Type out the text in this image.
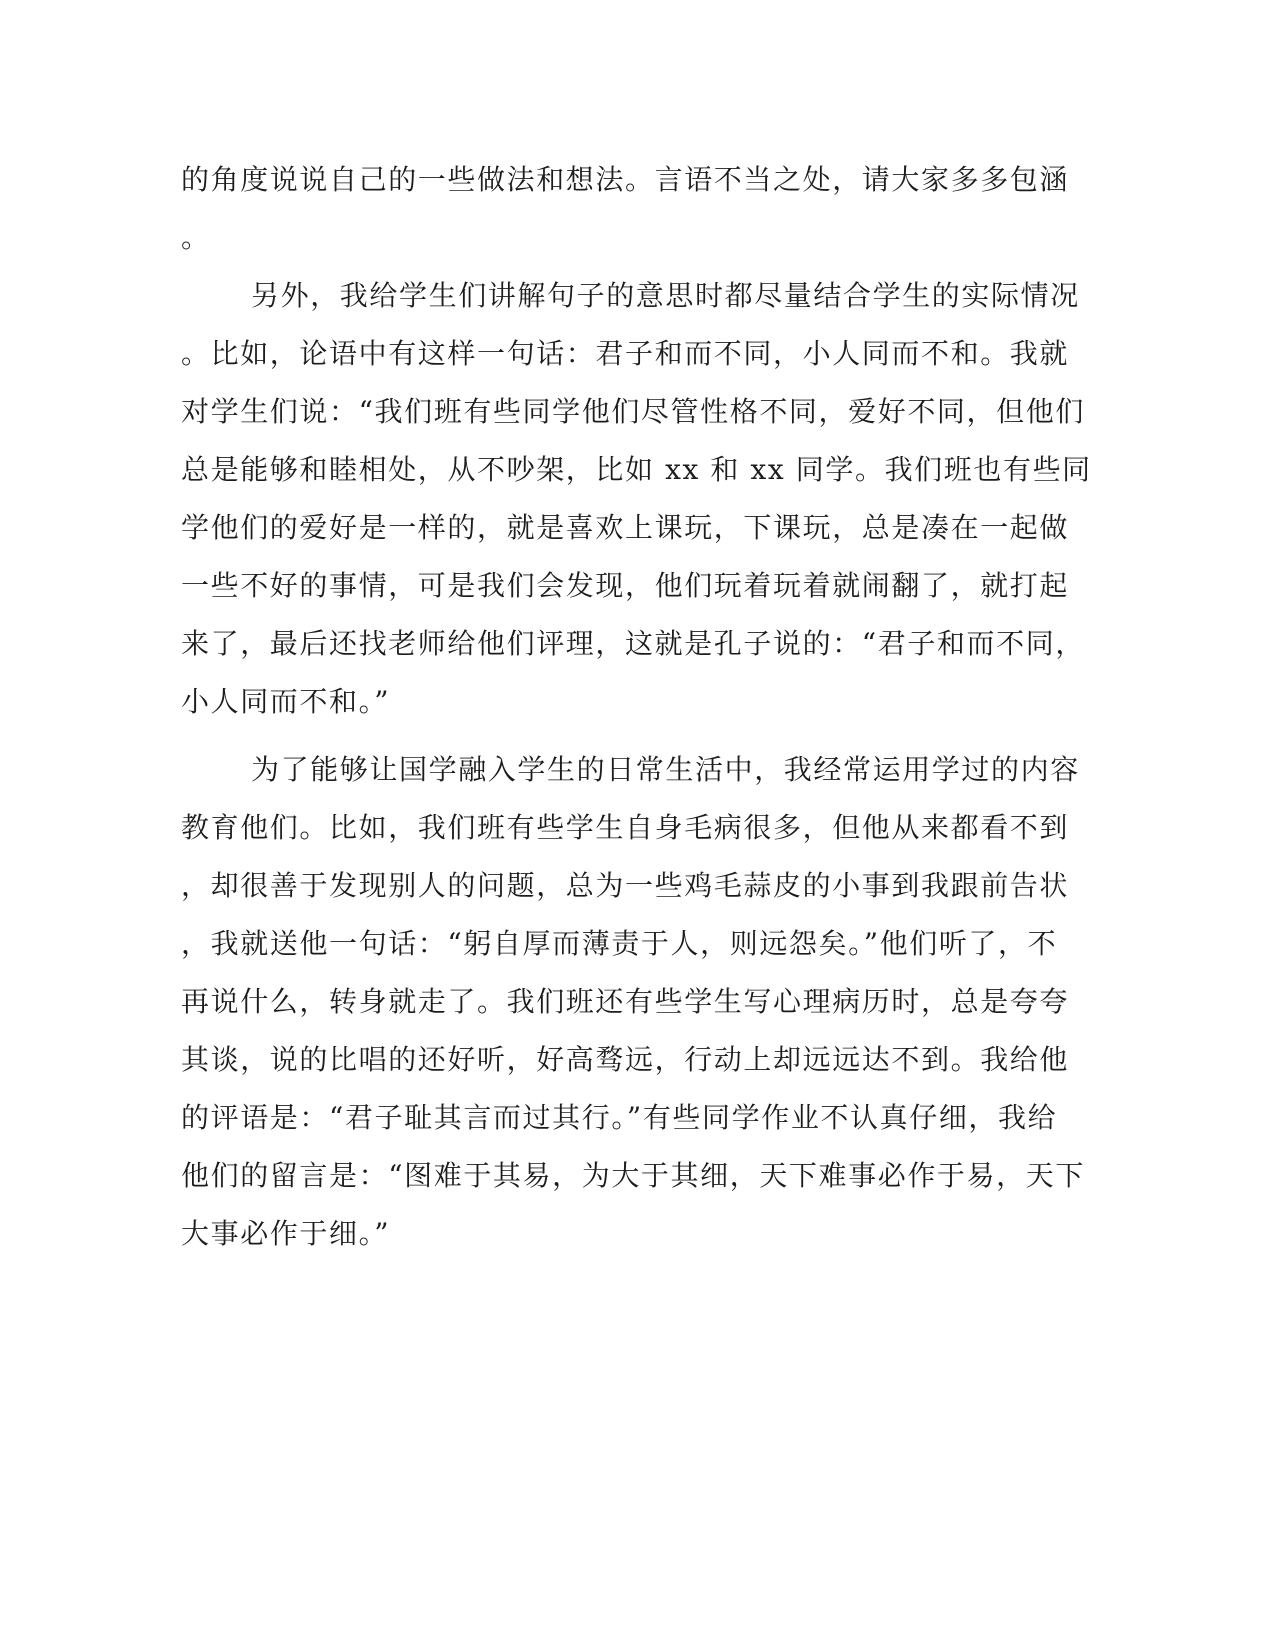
的角度说说自己的一些做法和想法。言语不当之处，请大家多多包涵
。
另外，我给学生们讲解句子的意思时都尽量结合学生的实际情况
。比如，论语中有这样一句话：君子和而不同，小人同而不和。我就
对学生们说：“我们班有些同学他们尽管性格不同，爱好不同，但他们
总是能够和睦相处，从不吵架，比如 xx 和 xx 同学。我们班也有些同
学他们的爱好是一样的，就是喜欢上课玩，下课玩，总是凑在一起做
一些不好的事情，可是我们会发现，他们玩着玩着就闹翻了，就打起
来了，最后还找老师给他们评理，这就是孔子说的：“君子和而不同，
小人同而不和。”
为了能够让国学融入学生的日常生活中，我经常运用学过的内容
教育他们。比如，我们班有些学生自身毛病很多，但他从来都看不到
，却很善于发现别人的问题，总为一些鸡毛蒜皮的小事到我跟前告状
，我就送他一句话：“躬自厚而薄责于人，则远怨矣。”他们听了，不
再说什么，转身就走了。我们班还有些学生写心理病历时，总是夸夸
其谈，说的比唱的还好听，好高骛远，行动上却远远达不到。我给他
的评语是：“君子耻其言而过其行。”有些同学作业不认真仔细，我给
他们的留言是：“图难于其易，为大于其细，天下难事必作于易，天下
大事必作于细。”
